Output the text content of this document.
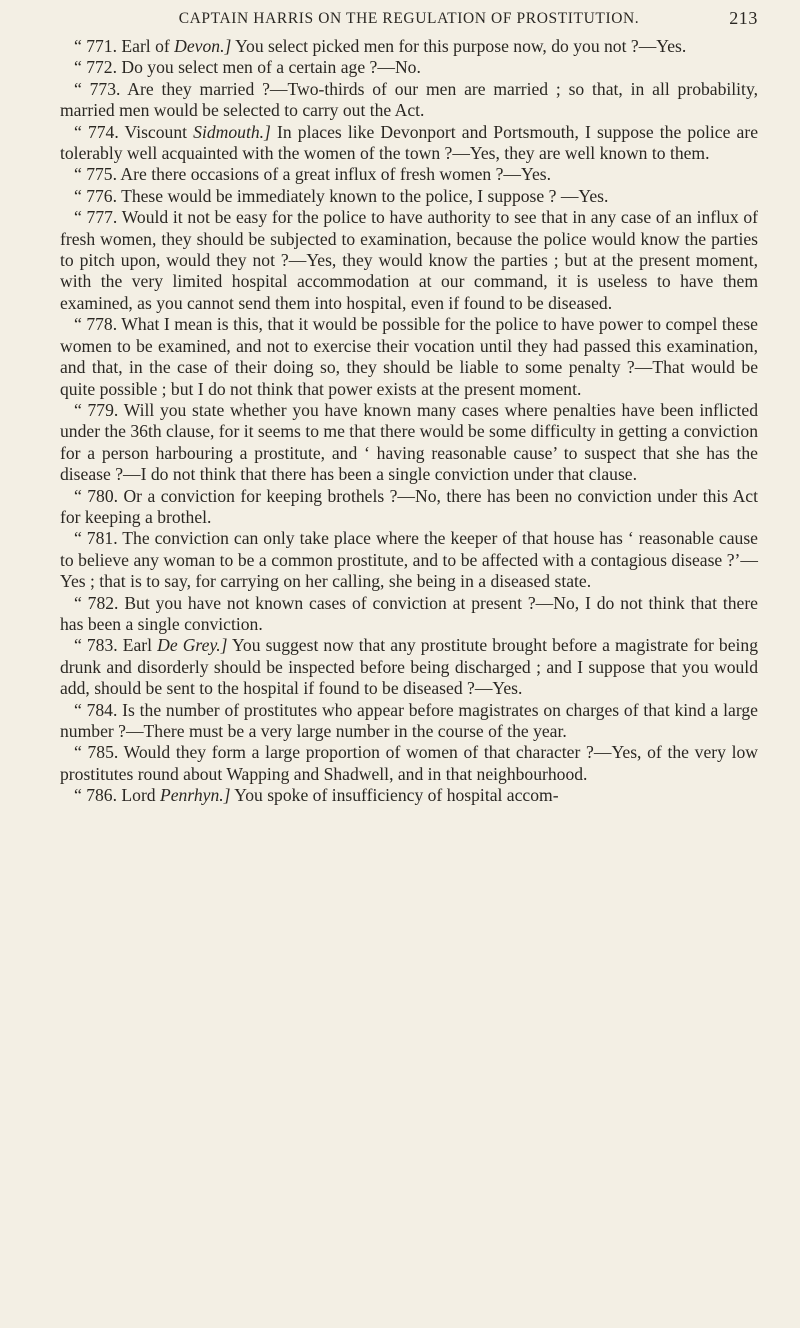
CAPTAIN HARRIS ON THE REGULATION OF PROSTITUTION.	213

“ 771. Earl of Devon.] You select picked men for this purpose now, do you not ?—Yes.

“ 772. Do you select men of a certain age ?—No.

“ 773. Are they married ?—Two-thirds of our men are married ; so that, in all probability, married men would be selected to carry out the Act.

“ 774. Viscount Sidmouth.] In places like Devonport and Portsmouth, I suppose the police are tolerably well acquainted with the women of the town ?—Yes, they are well known to them.

“ 775. Are there occasions of a great influx of fresh women ?—Yes.

“ 776. These would be immediately known to the police, I suppose ? —Yes.

“ 777. Would it not be easy for the police to have authority to see that in any case of an influx of fresh women, they should be subjected to examination, because the police would know the parties to pitch upon, would they not ?—Yes, they would know the parties ; but at the present moment, with the very limited hospital accommodation at our command, it is useless to have them examined, as you cannot send them into hospital, even if found to be diseased.

“ 778. What I mean is this, that it would be possible for the police to have power to compel these women to be examined, and not to exercise their vocation until they had passed this examination, and that, in the case of their doing so, they should be liable to some penalty ?—That would be quite possible ; but I do not think that power exists at the present moment.

“ 779. Will you state whether you have known many cases where penalties have been inflicted under the 36th clause, for it seems to me that there would be some difficulty in getting a conviction for a person harbouring a prostitute, and ‘ having reasonable cause’ to suspect that she has the disease ?—I do not think that there has been a single conviction under that clause.

“ 780. Or a conviction for keeping brothels ?—No, there has been no conviction under this Act for keeping a brothel.

“ 781. The conviction can only take place where the keeper of that house has ‘ reasonable cause to believe any woman to be a common prostitute, and to be affected with a contagious disease ?’—Yes ; that is to say, for carrying on her calling, she being in a diseased state.

“ 782. But you have not known cases of conviction at present ?—No, I do not think that there has been a single conviction.

“ 783. Earl De Grey.] You suggest now that any prostitute brought before a magistrate for being drunk and disorderly should be inspected before being discharged ; and I suppose that you would add, should be sent to the hospital if found to be diseased ?—Yes.

“ 784. Is the number of prostitutes who appear before magistrates on charges of that kind a large number ?—There must be a very large number in the course of the year.

“ 785. Would they form a large proportion of women of that character ?—Yes, of the very low prostitutes round about Wapping and Shadwell, and in that neighbourhood.

“ 786. Lord Penrhyn.] You spoke of insufficiency of hospital accom-
